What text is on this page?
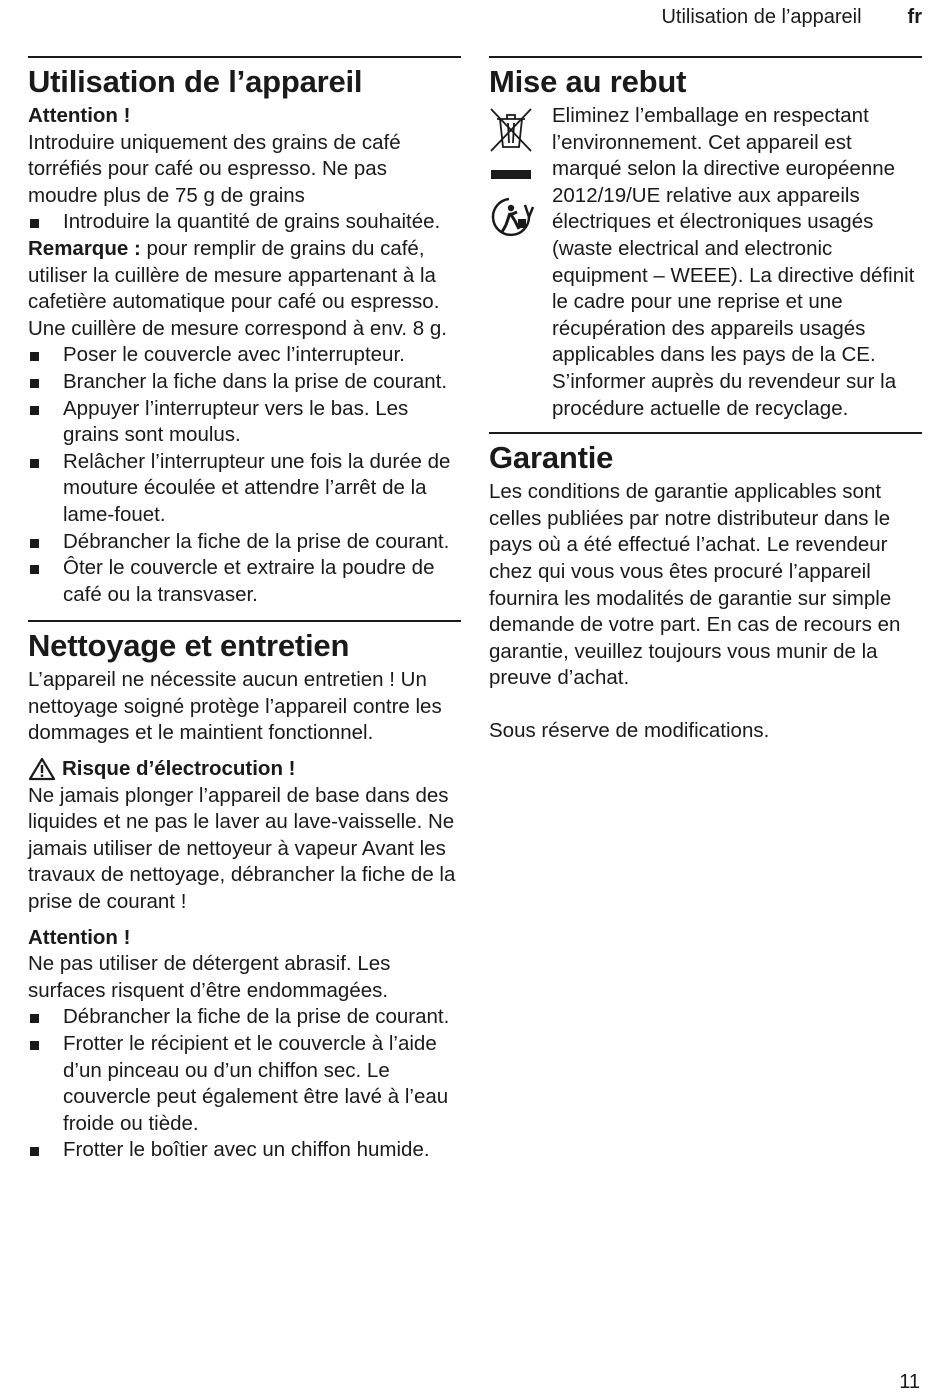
Utilisation de l’appareil fr
Utilisation de l’appareil

Attention !

Introduire uniquement des grains de café torréfiés pour café ou espresso. Ne pas moudre plus de 75 g de grains

Introduire la quantité de grains souhaitée.

Remarque : pour remplir de grains du café, utiliser la cuillère de mesure appartenant à la cafetière automatique pour café ou espresso. Une cuillère de mesure correspond à env. 8 g.

Poser le couvercle avec l’interrupteur.
Brancher la fiche dans la prise de courant.
Appuyer l’interrupteur vers le bas. Les grains sont moulus.
Relâcher l’interrupteur une fois la durée de mouture écoulée et attendre l’arrêt de la lame-fouet.
Débrancher la fiche de la prise de courant.
Ôter le couvercle et extraire la poudre de café ou la transvaser.
Nettoyage et entretien

L’appareil ne nécessite aucun entretien ! Un nettoyage soigné protège l’appareil contre les dommages et le maintient fonctionnel.

Risque d’électrocution !

Ne jamais plonger l’appareil de base dans des liquides et ne pas le laver au lave-vaisselle. Ne jamais utiliser de nettoyeur à vapeur Avant les travaux de nettoyage, débrancher la fiche de la prise de courant !

Attention !

Ne pas utiliser de détergent abrasif. Les surfaces risquent d’être endommagées.

Débrancher la fiche de la prise de courant.
Frotter le récipient et le couvercle à l’aide d’un pinceau ou d’un chiffon sec. Le couvercle peut également être lavé à l’eau froide ou tiède.
Frotter le boîtier avec un chiffon humide.
Mise au rebut

Eliminez l’emballage en respectant l’environnement. Cet appareil est marqué selon la directive européenne 2012/19/UE relative aux appareils électriques et électroniques usagés (waste electrical and electronic equipment – WEEE). La directive définit le cadre pour une reprise et une récupération des appareils usagés applicables dans les pays de la CE. S’informer auprès du revendeur sur la procédure actuelle de recyclage.

Garantie

Les conditions de garantie applicables sont celles publiées par notre distributeur dans le pays où a été effectué l’achat. Le revendeur chez qui vous vous êtes procuré l’appareil fournira les modalités de garantie sur simple demande de votre part. En cas de recours en garantie, veuillez toujours vous munir de la preuve d’achat.

Sous réserve de modifications.

11
